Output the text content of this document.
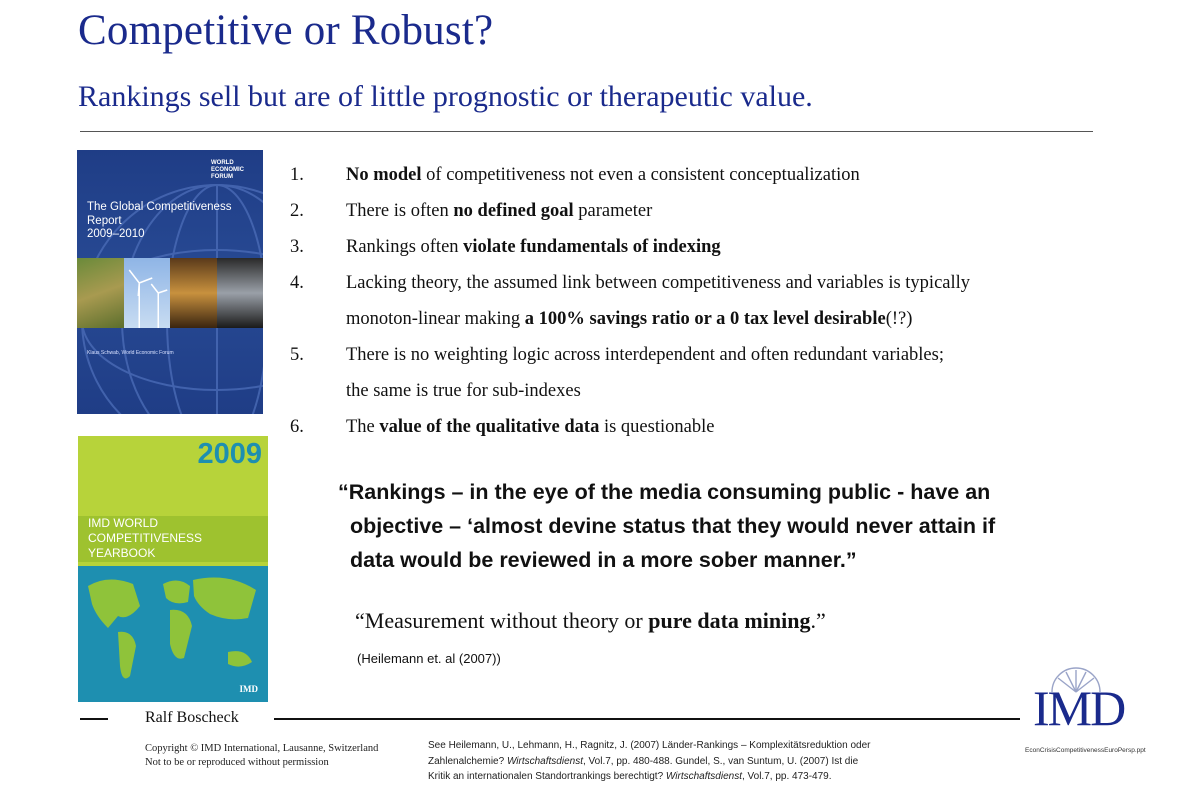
Competitive or Robust?
Rankings sell but are of little prognostic or therapeutic value.
WORLD ECONOMIC FORUM
The Global Competitiveness Report
2009–2010
Klaus Schwab, World Economic Forum
2009
IMD WORLD COMPETITIVENESS YEARBOOK
IMD
1. No model of competitiveness not even a consistent conceptualization
2. There is often no defined goal parameter
3. Rankings often violate fundamentals of indexing
4. Lacking theory, the assumed link between competitiveness and variables is typically
monoton-linear making a 100% savings ratio or a 0 tax level desirable(!?)
5. There is no weighting logic across interdependent and often redundant variables;
the same is true for sub-indexes
6. The value of the qualitative data is questionable
“Rankings – in the eye of the media consuming public - have an
objective – ‘almost devine status that they would never attain if
data would be reviewed in a more sober manner.”
“Measurement without theory or pure data mining.”
(Heilemann et. al (2007))
Ralf Boscheck
Copyright © IMD International, Lausanne, Switzerland
Not to be or reproduced without permission
See Heilemann, U., Lehmann, H., Ragnitz, J. (2007) Länder-Rankings – Komplexitätsreduktion oder
Zahlenalchemie? Wirtschaftsdienst, Vol.7, pp. 480-488. Gundel, S., van Suntum, U. (2007) Ist die
Kritik an internationalen Standortrankings berechtigt? Wirtschaftsdienst, Vol.7, pp. 473-479.
IMD
EconCrisisCompetitivenessEuroPersp.ppt
